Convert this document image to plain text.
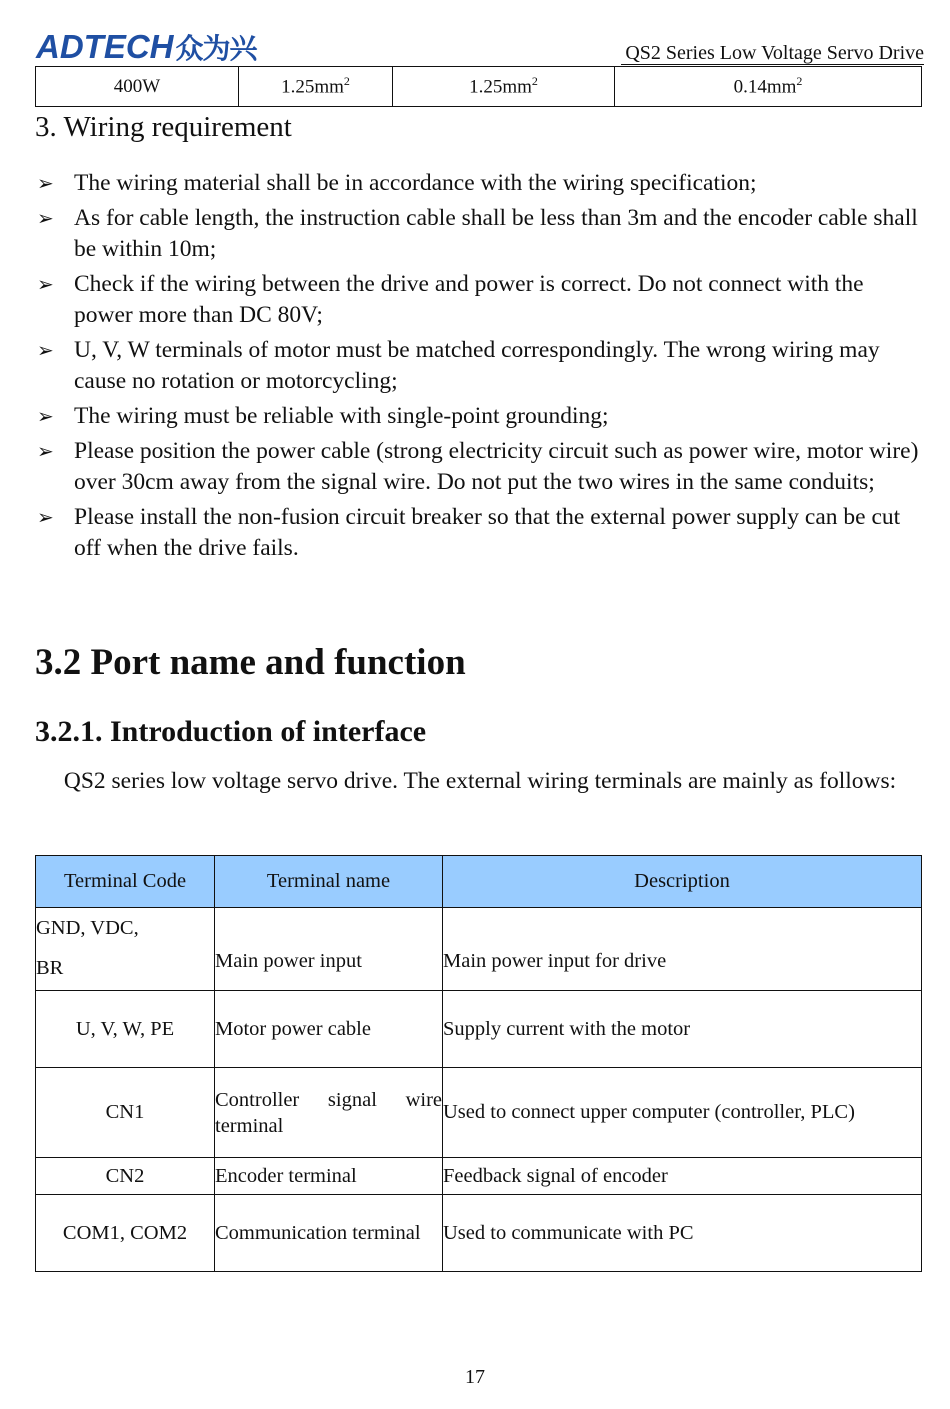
ADTECH众为兴	QS2 Series Low Voltage Servo Drive
400W	$1.25mm^2$	$1.25mm^2$	$0.14mm^2$
3. Wiring requirement
➢ The wiring material shall be in accordance with the wiring specification;
➢ As for cable length, the instruction cable shall be less than 3m and the encoder cable shall be within 10m;
➢ Check if the wiring between the drive and power is correct. Do not connect with the power more than DC 80V;
➢ U, V, W terminals of motor must be matched correspondingly. The wrong wiring may cause no rotation or motorcycling;
➢ The wiring must be reliable with single-point grounding;
➢ Please position the power cable (strong electricity circuit such as power wire, motor wire) over 30cm away from the signal wire. Do not put the two wires in the same conduits;
➢ Please install the non-fusion circuit breaker so that the external power supply can be cut off when the drive fails.
3.2 Port name and function
3.2.1. Introduction of interface
QS2 series low voltage servo drive. The external wiring terminals are mainly as follows:
Terminal Code	Terminal name	Description
GND, VDC,
BR	Main power input	Main power input for drive
U, V, W, PE	Motor power cable	Supply current with the motor
CN1	Controller signal wire terminal	Used to connect upper computer (controller, PLC)
CN2	Encoder terminal	Feedback signal of encoder
COM1, COM2	Communication terminal	Used to communicate with PC
17
